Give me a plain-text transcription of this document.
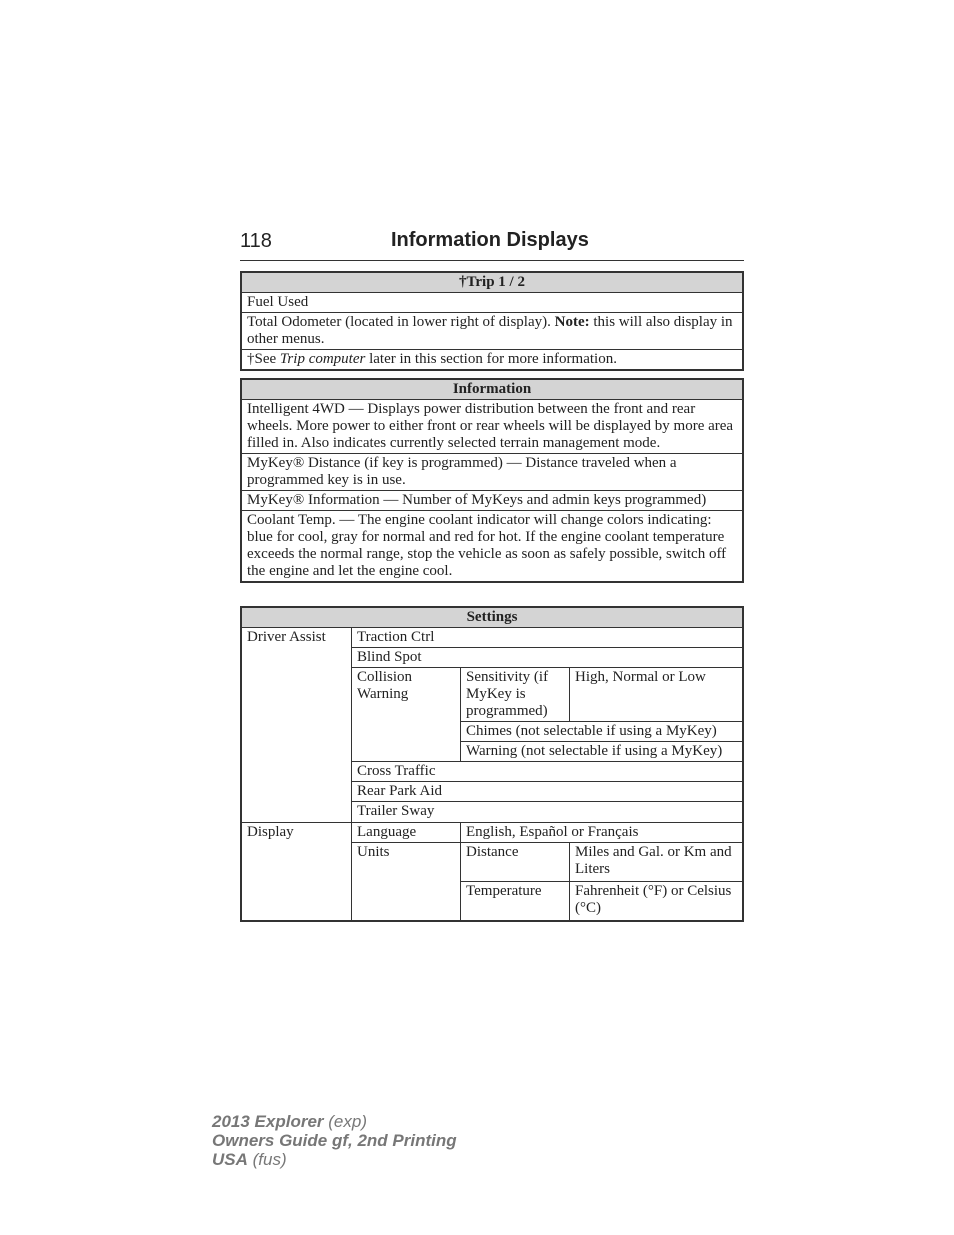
118	Information Displays
†Trip 1 / 2
Fuel Used
Total Odometer (located in lower right of display). Note: this will also display in other menus.
†See Trip computer later in this section for more information.
Information
Intelligent 4WD — Displays power distribution between the front and rear wheels. More power to either front or rear wheels will be displayed by more area filled in. Also indicates currently selected terrain management mode.
MyKey® Distance (if key is programmed) — Distance traveled when a programmed key is in use.
MyKey® Information — Number of MyKeys and admin keys programmed)
Coolant Temp. — The engine coolant indicator will change colors indicating: blue for cool, gray for normal and red for hot. If the engine coolant temperature exceeds the normal range, stop the vehicle as soon as safely possible, switch off the engine and let the engine cool.
Settings			
Driver Assist	Traction Ctrl		
	Blind Spot		
	Collision Warning	Sensitivity (if MyKey is programmed)	High, Normal or Low
		Chimes (not selectable if using a MyKey)	
		Warning (not selectable if using a MyKey)	
	Cross Traffic		
	Rear Park Aid		
	Trailer Sway		

Display	Language	English, Español or Français	
	Units	Distance	Miles and Gal. or Km and Liters
		Temperature	Fahrenheit (°F) or Celsius (°C)
2013 Explorer (exp)
Owners Guide gf, 2nd Printing
USA (fus)
